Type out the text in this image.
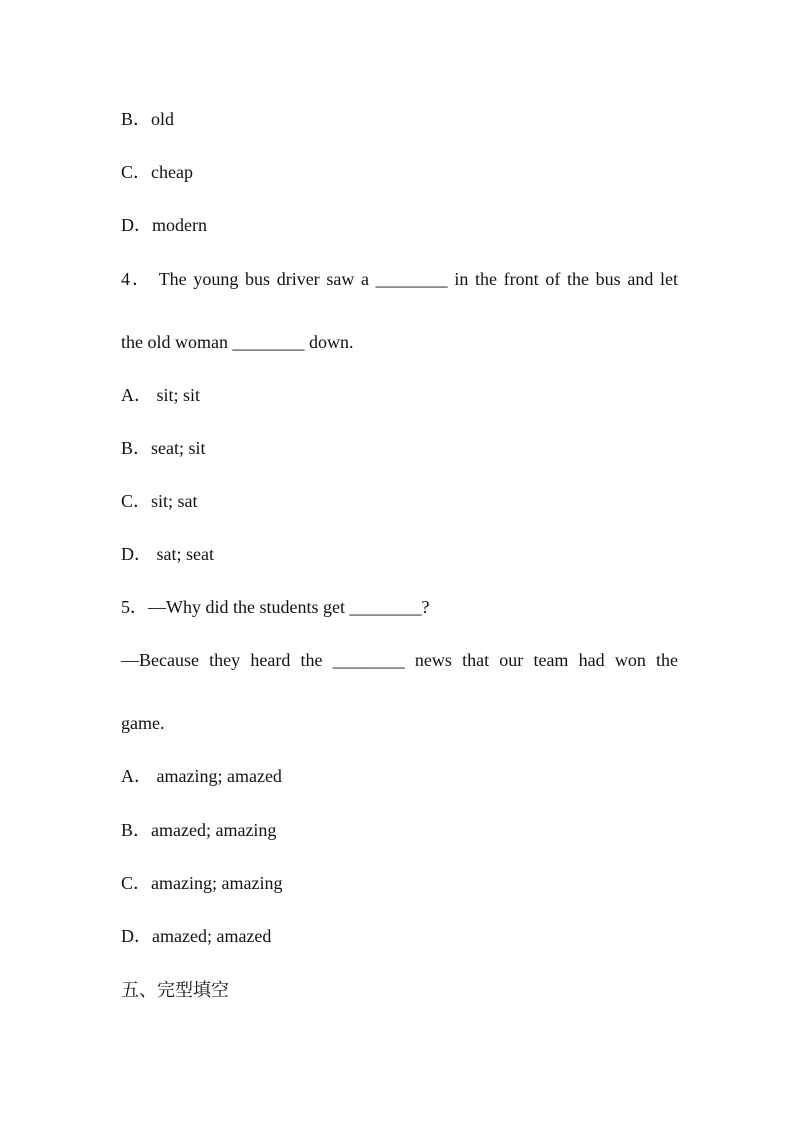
B．old
C．cheap
D．modern
4． The young bus driver saw a ________ in the front of the bus and let
the old woman ________ down.
A． sit; sit
B．seat; sit
C．sit; sat
D． sat; seat
5．—Why did the students get ________?
—Because they heard the ________ news that our team had won the
game.
A． amazing; amazed
B．amazed; amazing
C．amazing; amazing
D．amazed; amazed
五、完型填空
